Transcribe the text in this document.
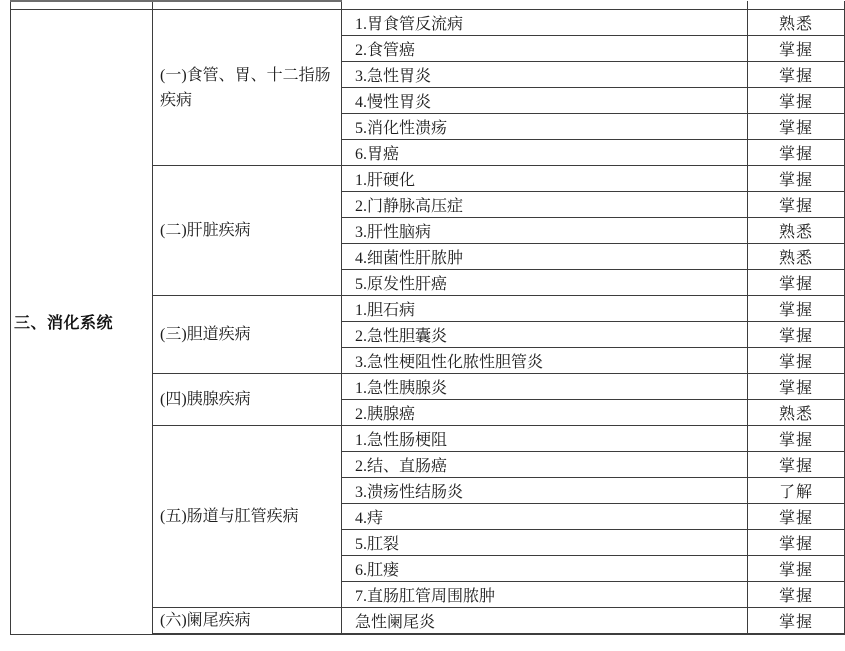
三、消化系统	(一)食管、胃、十二指肠疾病	1.胃食管反流病	熟悉
		2.食管癌	掌握
		3.急性胃炎	掌握
		4.慢性胃炎	掌握
		5.消化性溃疡	掌握
		6.胃癌	掌握
	(二)肝脏疾病	1.肝硬化	掌握
		2.门静脉高压症	掌握
		3.肝性脑病	熟悉
		4.细菌性肝脓肿	熟悉
		5.原发性肝癌	掌握
	(三)胆道疾病	1.胆石病	掌握
		2.急性胆囊炎	掌握
		3.急性梗阻性化脓性胆管炎	掌握
	(四)胰腺疾病	1.急性胰腺炎	掌握
		2.胰腺癌	熟悉
	(五)肠道与肛管疾病	1.急性肠梗阻	掌握
		2.结、直肠癌	掌握
		3.溃疡性结肠炎	了解
		4.痔	掌握
		5.肛裂	掌握
		6.肛瘘	掌握
		7.直肠肛管周围脓肿	掌握
	(六)阑尾疾病	急性阑尾炎	掌握
